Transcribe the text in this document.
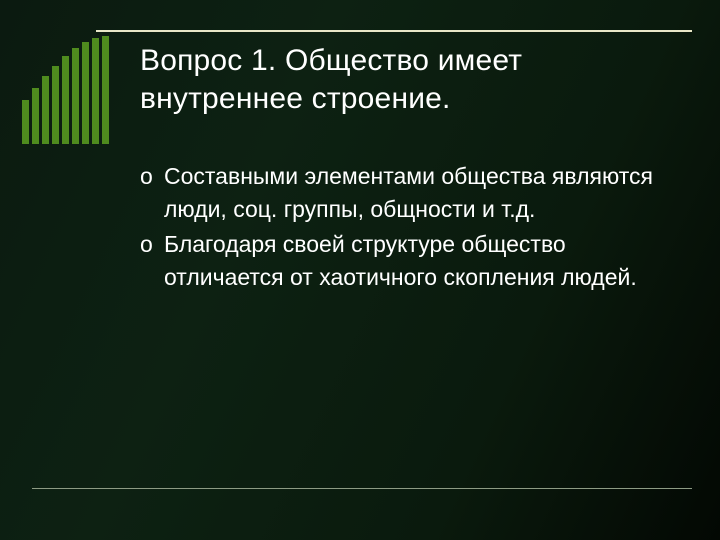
Вопрос 1. Общество имеет внутреннее строение.
o Составными элементами общества являются люди, соц. группы, общности и т.д.
o Благодаря своей структуре общество отличается от хаотичного скопления людей.
